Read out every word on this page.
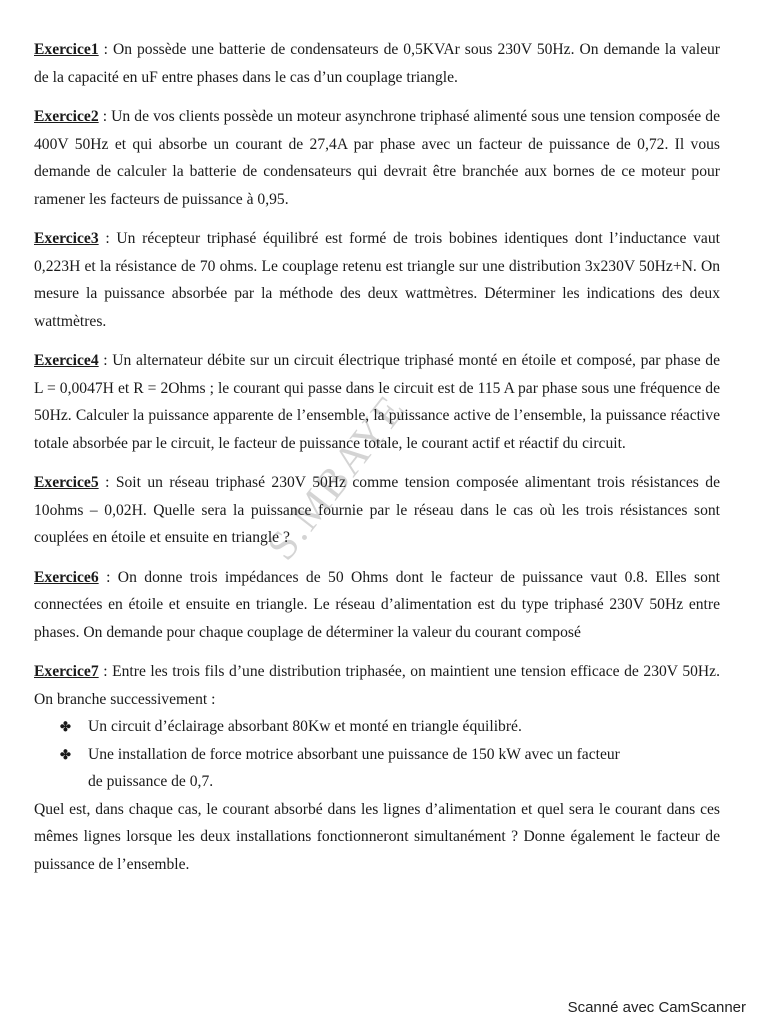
Exercice1 : On possède une batterie de condensateurs de 0,5KVAr sous 230V 50Hz. On demande la valeur de la capacité en uF entre phases dans le cas d’un couplage triangle.

Exercice2 : Un de vos clients possède un moteur asynchrone triphasé alimenté sous une tension composée de 400V 50Hz et qui absorbe un courant de 27,4A par phase avec un facteur de puissance de 0,72. Il vous demande de calculer la batterie de condensateurs qui devrait être branchée aux bornes de ce moteur pour ramener les facteurs de puissance à 0,95.

Exercice3 : Un récepteur triphasé équilibré est formé de trois bobines identiques dont l’inductance vaut 0,223H et la résistance de 70 ohms. Le couplage retenu est triangle sur une distribution 3x230V 50Hz+N. On mesure la puissance absorbée par la méthode des deux wattmètres. Déterminer les indications des deux wattmètres.

Exercice4 : Un alternateur débite sur un circuit électrique triphasé monté en étoile et composé, par phase de L = 0,0047H et R = 2Ohms ; le courant qui passe dans le circuit est de 115 A par phase sous une fréquence de 50Hz. Calculer la puissance apparente de l’ensemble, la puissance active de l’ensemble, la puissance réactive totale absorbée par le circuit, le facteur de puissance totale, le courant actif et réactif du circuit.

Exercice5 : Soit un réseau triphasé 230V 50Hz comme tension composée alimentant trois résistances de 10ohms – 0,02H. Quelle sera la puissance fournie par le réseau dans le cas où les trois résistances sont couplées en étoile et ensuite en triangle ?

Exercice6 : On donne trois impédances de 50 Ohms dont le facteur de puissance vaut 0.8. Elles sont connectées en étoile et ensuite en triangle. Le réseau d’alimentation est du type triphasé 230V 50Hz entre phases. On demande pour chaque couplage de déterminer la valeur du courant composé

Exercice7 : Entre les trois fils d’une distribution triphasée, on maintient une tension efficace de 230V 50Hz. On branche successivement :

✤ Un circuit d’éclairage absorbant 80Kw et monté en triangle équilibré.
✤ Une installation de force motrice absorbant une puissance de 150 kW avec un facteur
de puissance de 0,7.

Quel est, dans chaque cas, le courant absorbé dans les lignes d’alimentation et quel sera le courant dans ces mêmes lignes lorsque les deux installations fonctionneront simultanément ? Donne également le facteur de puissance de l’ensemble.

S.MBAYE
Scanné avec CamScanner
